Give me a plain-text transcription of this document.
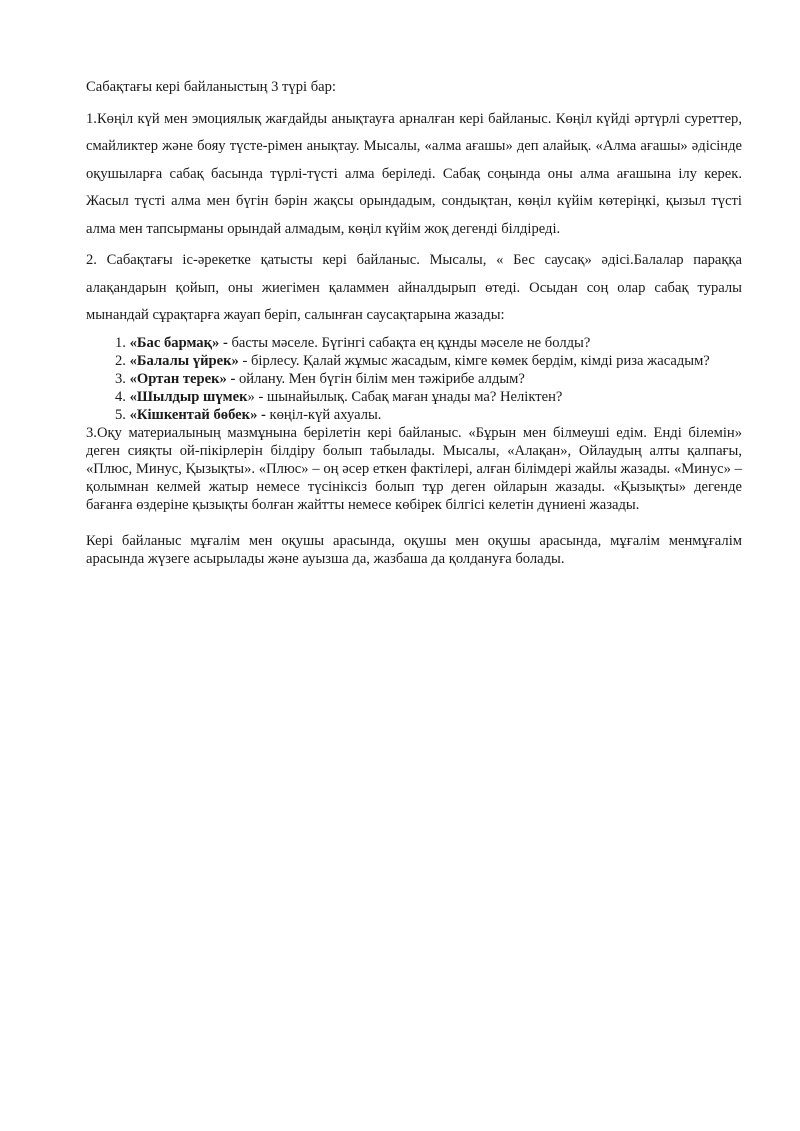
Сабақтағы кері байланыстың 3 түрі бар:

1.Көңіл күй мен эмоциялық жағдайды анықтауға арналған кері байланыс. Көңіл күйді әртүрлі суреттер, смайликтер және бояу түсте-рімен анықтау. Мысалы, «алма ағашы» деп алайық. «Алма ағашы» әдісінде оқушыларға сабақ басында түрлі-түсті алма беріледі. Сабақ соңында оны алма ағашына ілу керек. Жасыл түсті алма мен бүгін бәрін жақсы орындадым, сондықтан, көңіл күйім көтеріңкі, қызыл түсті алма мен тапсырманы орындай алмадым, көңіл күйім жоқ дегенді білдіреді.

2. Сабақтағы іс-әрекетке қатысты кері байланыс. Мысалы, « Бес саусақ» әдісі.Балалар параққа алақандарын қойып, оны жиегімен қаламмен айналдырып өтеді. Осыдан соң олар сабақ туралы мынандай сұрақтарға жауап беріп, салынған саусақтарына жазады:

1. «Бас бармақ» - басты мәселе. Бүгінгі сабақта ең құнды мәселе не болды?
2. «Балалы үйрек» - бірлесу. Қалай жұмыс жасадым, кімге көмек бердім, кімді риза жасадым?
3. «Ортан терек» - ойлану. Мен бүгін білім мен тәжірибе алдым?
4. «Шылдыр шүмек» - шынайылық. Сабақ маған ұнады ма? Неліктен?
5. «Кішкентай бөбек» - көңіл-күй ахуалы.

3.Оқу материалының мазмұнына берілетін кері байланыс. «Бұрын мен білмеуші едім. Енді білемін» деген сияқты ой-пікірлерін білдіру болып табылады. Мысалы, «Алақан», Ойлаудың алты қалпағы, «Плюс, Минус, Қызықты». «Плюс» – оң әсер еткен фактілері, алған білімдері жайлы жазады. «Минус» – қолымнан келмей жатыр немесе түсініксіз болып тұр деген ойларын жазады. «Қызықты» дегенде бағанға өздеріне қызықты болған жайтты немесе көбірек білгісі келетін дүниені жазады.

Кері байланыс мұғалім мен оқушы арасында, оқушы мен оқушы арасында, мұғалім менмұғалім арасында жүзеге асырылады және ауызша да, жазбаша да қолдануға болады.
